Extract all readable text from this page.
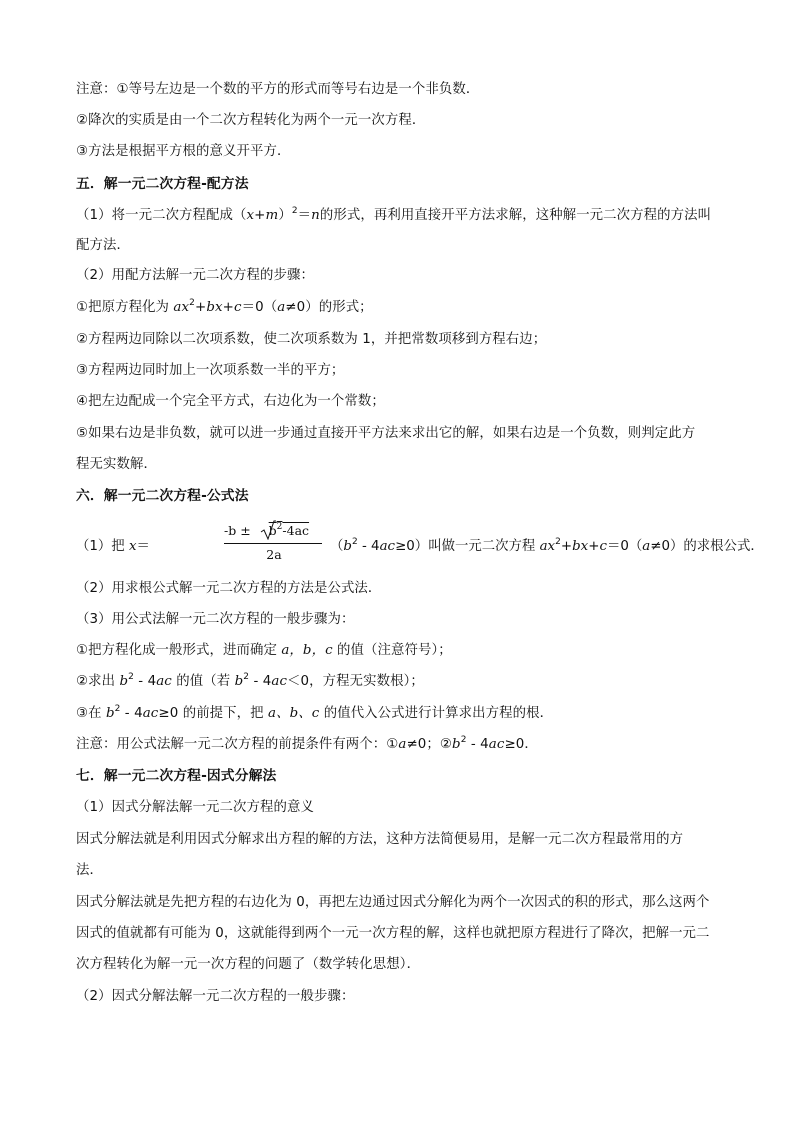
注意：①等号左边是一个数的平方的形式而等号右边是一个非负数．
②降次的实质是由一个二次方程转化为两个一元一次方程．
③方法是根据平方根的意义开平方．
五．解一元二次方程-配方法
（1）将一元二次方程配成$(x+m)^2=n$的形式，再利用直接开平方法求解，这种解一元二次方程的方法叫
配方法．
（2）用配方法解一元二次方程的步骤：
①把原方程化为 $ax^2+bx+c=0(a\ne 0)$的形式；
②方程两边同除以二次项系数，使二次项系数为 1，并把常数项移到方程右边；
③方程两边同时加上一次项系数一半的平方；
④把左边配成一个完全平方式，右边化为一个常数；
⑤如果右边是非负数，就可以进一步通过直接开平方法来求出它的解，如果右边是一个负数，则判定此方
程无实数解．
六．解一元二次方程-公式法
（1）把 x＝
$-b \pm b^2-4ac$
2a
$(b^2 - 4ac\ge 0)$叫做一元二次方程 $ax^2+bx+c=0(a\ne 0)$的求根公式．
（2）用求根公式解一元二次方程的方法是公式法．
（3）用公式法解一元二次方程的一般步骤为：
①把方程化成一般形式，进而确定 a，b，c 的值（注意符号）；
②求出 $b^2 - 4ac$ 的值（若 $b^2 - 4ac<0$，方程无实数根）；
③在 $b^2 - 4ac\ge 0$ 的前提下，把 a、b、c 的值代入公式进行计算求出方程的根．
注意：用公式法解一元二次方程的前提条件有两个：①a≠0；$②b^2 - 4ac\ge 0$．
七．解一元二次方程-因式分解法
（1）因式分解法解一元二次方程的意义
因式分解法就是利用因式分解求出方程的解的方法，这种方法简便易用，是解一元二次方程最常用的方
法．
因式分解法就是先把方程的右边化为 0，再把左边通过因式分解化为两个一次因式的积的形式，那么这两个
因式的值就都有可能为 0，这就能得到两个一元一次方程的解，这样也就把原方程进行了降次，把解一元二
次方程转化为解一元一次方程的问题了（数学转化思想）．
（2）因式分解法解一元二次方程的一般步骤：
